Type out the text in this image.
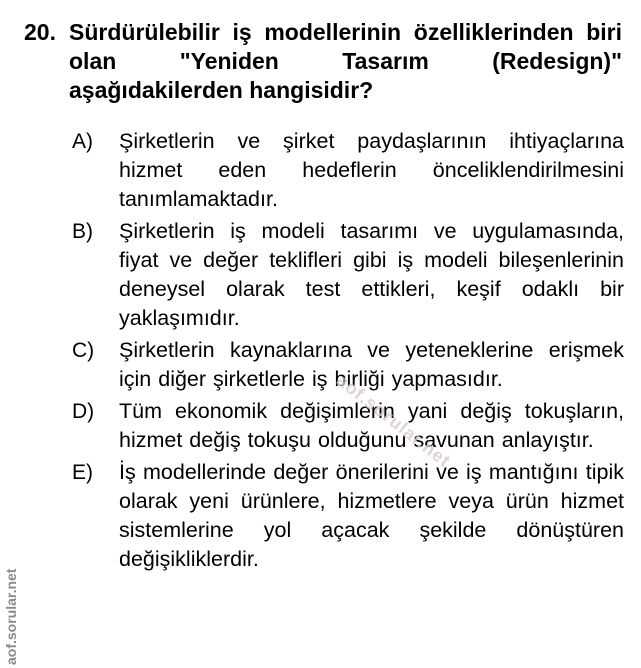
20. Sürdürülebilir iş modellerinin özelliklerinden biri olan "Yeniden Tasarım (Redesign)" aşağıdakilerden hangisidir?
A) Şirketlerin ve şirket paydaşlarının ihtiyaçlarına hizmet eden hedeflerin önceliklendirilmesini tanımlamaktadır.
B) Şirketlerin iş modeli tasarımı ve uygulamasında, fiyat ve değer teklifleri gibi iş modeli bileşenlerinin deneysel olarak test ettikleri, keşif odaklı bir yaklaşımıdır.
C) Şirketlerin kaynaklarına ve yeteneklerine erişmek için diğer şirketlerle iş birliği yapmasıdır.
D) Tüm ekonomik değişimlerin yani değiş tokuşların, hizmet değiş tokuşu olduğunu savunan anlayıştır.
E) İş modellerinde değer önerilerini ve iş mantığını tipik olarak yeni ürünlere, hizmetlere veya ürün hizmet sistemlerine yol açacak şekilde dönüştüren değişikliklerdir.
aof.sorular.net
aof.sorular.net
